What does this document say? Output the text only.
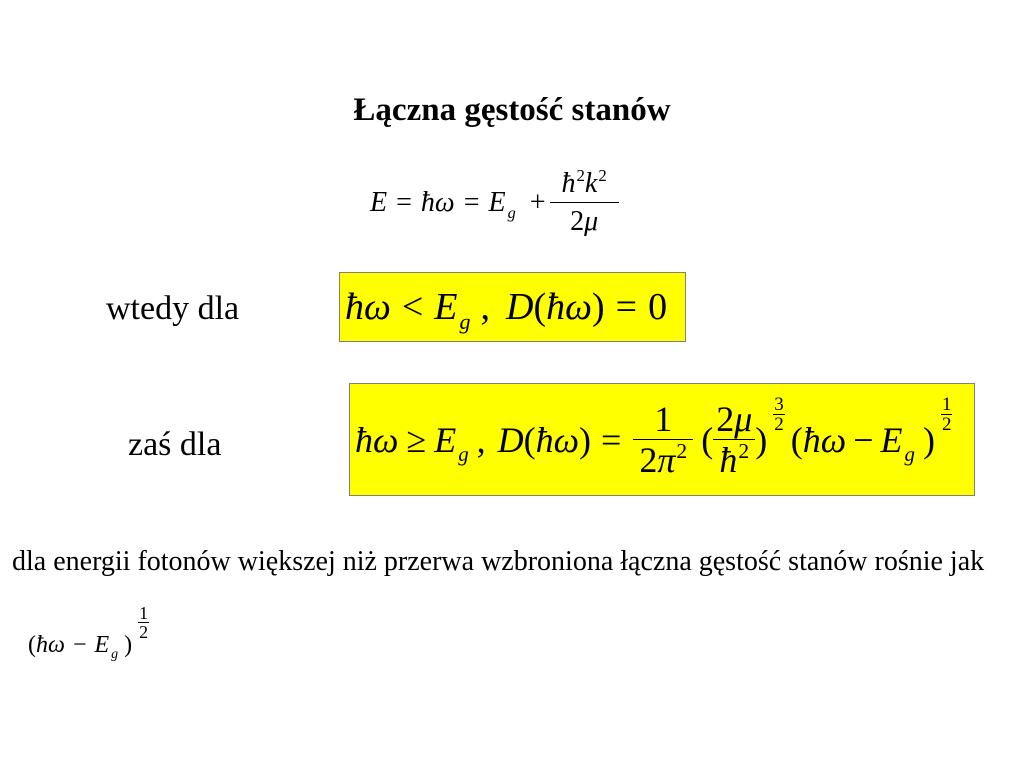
Łączna gęstość stanów
E = ħω = E $g + \frac{ħ 2 k 2}{2 \mu}$
wtedy dla	ħω < E g , D ( ħω ) = 0
zaś dla	ħω ≥ E g , D ( ħω ) = $\frac{1}{2 \pi 2}$ ( $\frac{2 \mu}{ħ 2}$ )
$\frac{3}{2}$
( ħω − E g )
$\frac{1}{2}$
dla energii fotonów większej niż przerwa wzbroniona łączna gęstość stanów rośnie jak
( ħω − E g )
$\frac{1}{2}$
